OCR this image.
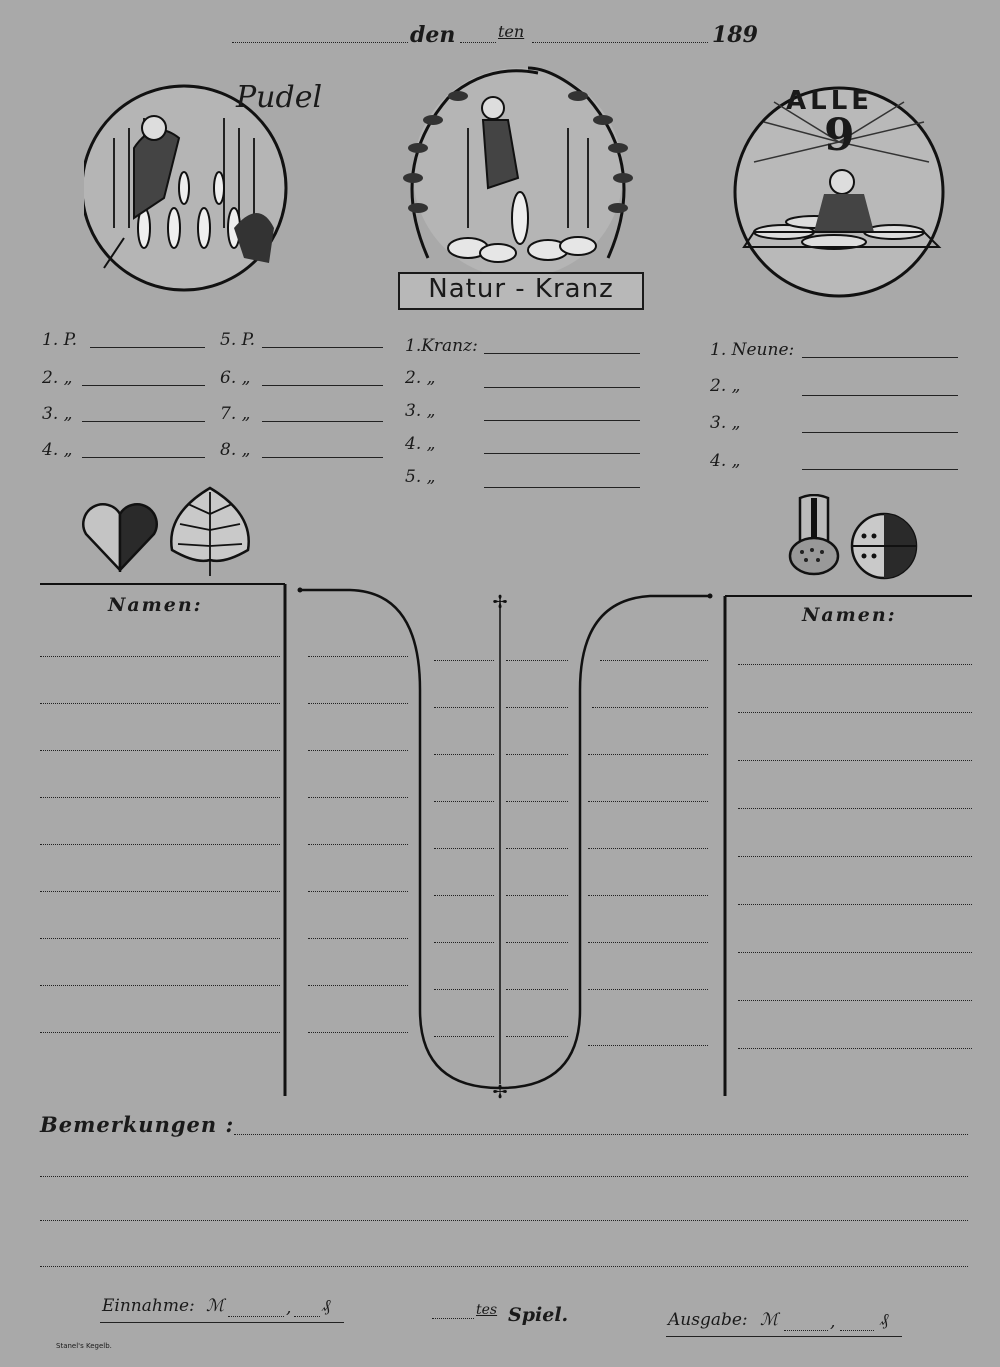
den	ten	189
Pudel
Natur - Kranz
ALLE
9
1. P.
2. „
3. „
4. „
5. P.
6. „
7. „
8. „
1.Kranz:
2. „
3. „
4. „
5. „
1. Neune:
2. „
3. „
4. „
✢
✢
Namen:	Namen:
Bemerkungen :
Einnahme: ℳ	, ₰	tes Spiel.	Ausgabe: ℳ	,	₰
Stanel's Kegelb.
